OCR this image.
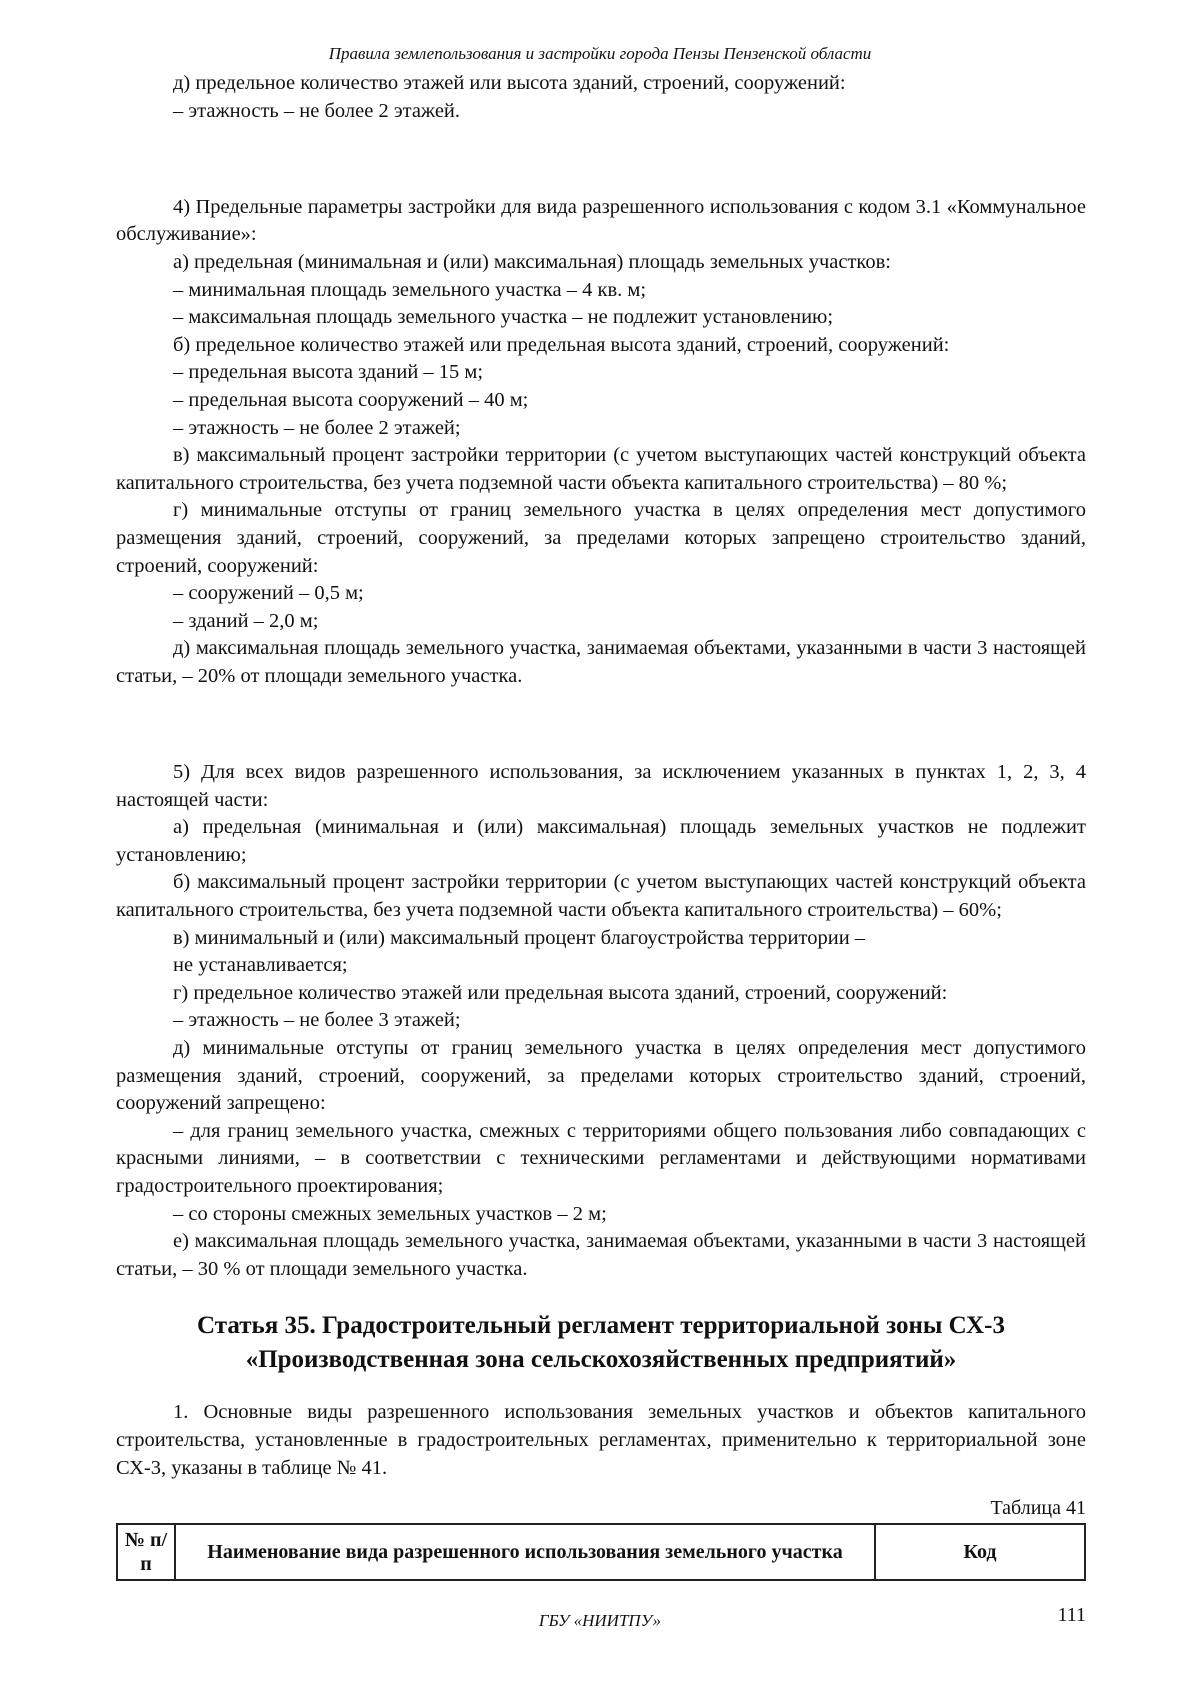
Правила землепользования и застройки города Пензы Пензенской области

д) предельное количество этажей или высота зданий, строений, сооружений:

– этажность – не более 2 этажей.

4) Предельные параметры застройки для вида разрешенного использования с кодом 3.1 «Коммунальное обслуживание»:

а) предельная (минимальная и (или) максимальная) площадь земельных участков:

– минимальная площадь земельного участка – 4 кв. м;

– максимальная площадь земельного участка – не подлежит установлению;

б) предельное количество этажей или предельная высота зданий, строений, сооружений:

– предельная высота зданий – 15 м;

– предельная высота сооружений – 40 м;

– этажность – не более 2 этажей;

в) максимальный процент застройки территории (с учетом выступающих частей конструкций объекта капитального строительства, без учета подземной части объекта капитального строительства) – 80 %;

г) минимальные отступы от границ земельного участка в целях определения мест допустимого размещения зданий, строений, сооружений, за пределами которых запрещено строительство зданий, строений, сооружений:

– сооружений – 0,5 м;

– зданий – 2,0 м;

д) максимальная площадь земельного участка, занимаемая объектами, указанными в части 3 настоящей статьи, – 20% от площади земельного участка.

5) Для всех видов разрешенного использования, за исключением указанных в пунктах 1, 2, 3, 4 настоящей части:

а) предельная (минимальная и (или) максимальная) площадь земельных участков не подлежит установлению;

б) максимальный процент застройки территории (с учетом выступающих частей конструкций объекта капитального строительства, без учета подземной части объекта капитального строительства) – 60%;

в) минимальный и (или) максимальный процент благоустройства территории –

не устанавливается;

г) предельное количество этажей или предельная высота зданий, строений, сооружений:

– этажность – не более 3 этажей;

д) минимальные отступы от границ земельного участка в целях определения мест допустимого размещения зданий, строений, сооружений, за пределами которых строительство зданий, строений, сооружений запрещено:

– для границ земельного участка, смежных с территориями общего пользования либо совпадающих с красными линиями, – в соответствии с техническими регламентами и действующими нормативами градостроительного проектирования;

– со стороны смежных земельных участков – 2 м;

е) максимальная площадь земельного участка, занимаемая объектами, указанными в части 3 настоящей статьи, – 30 % от площади земельного участка.

Статья 35. Градостроительный регламент территориальной зоны СХ-3
«Производственная зона сельскохозяйственных предприятий»

1. Основные виды разрешенного использования земельных участков и объектов капитального строительства, установленные в градостроительных регламентах, применительно к территориальной зоне СХ-3, указаны в таблице № 41.

Таблица 41
№ п/п	Наименование вида разрешенного использования земельного участка	Код
ГБУ «НИИТПУ»	111
